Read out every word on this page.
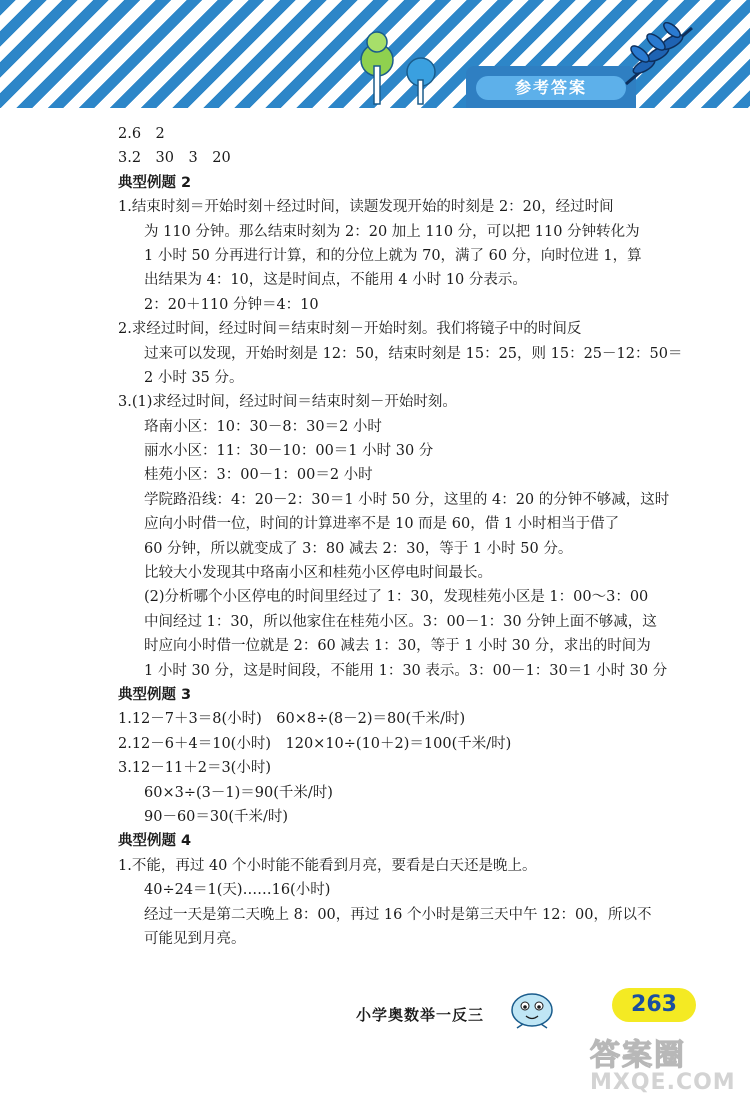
参考答案
2.6　2
3.2　30　3　20
典型例题 2
1.结束时刻＝开始时刻＋经过时间，读题发现开始的时刻是 2：20，经过时间
为 110 分钟。那么结束时刻为 2：20 加上 110 分，可以把 110 分钟转化为
1 小时 50 分再进行计算，和的分位上就为 70，满了 60 分，向时位进 1，算
出结果为 4：10，这是时间点，不能用 4 小时 10 分表示。
2：20＋110 分钟＝4：10
2.求经过时间，经过时间＝结束时刻－开始时刻。我们将镜子中的时间反
过来可以发现，开始时刻是 12：50，结束时刻是 15：25，则 15：25－12：50＝
2 小时 35 分。
3.(1)求经过时间，经过时间＝结束时刻－开始时刻。
珞南小区：10：30－8：30＝2 小时
丽水小区：11：30－10：00＝1 小时 30 分
桂苑小区：3：00－1：00＝2 小时
学院路沿线：4：20－2：30＝1 小时 50 分，这里的 4：20 的分钟不够减，这时
应向小时借一位，时间的计算进率不是 10 而是 60，借 1 小时相当于借了
60 分钟，所以就变成了 3：80 减去 2：30，等于 1 小时 50 分。
比较大小发现其中珞南小区和桂苑小区停电时间最长。
(2)分析哪个小区停电的时间里经过了 1：30，发现桂苑小区是 1：00～3：00
中间经过 1：30，所以他家住在桂苑小区。3：00－1：30 分钟上面不够减，这
时应向小时借一位就是 2：60 减去 1：30，等于 1 小时 30 分，求出的时间为
1 小时 30 分，这是时间段，不能用 1：30 表示。3：00－1：30＝1 小时 30 分
典型例题 3
1.12－7＋3＝8(小时)　60×8÷(8－2)＝80(千米/时)
2.12－6＋4＝10(小时)　120×10÷(10＋2)＝100(千米/时)
3.12－11＋2＝3(小时)
60×3÷(3－1)＝90(千米/时)
90－60＝30(千米/时)
典型例题 4
1.不能，再过 40 个小时能不能看到月亮，要看是白天还是晚上。
40÷24＝1(天)……16(小时)
经过一天是第二天晚上 8：00，再过 16 个小时是第三天中午 12：00，所以不
可能见到月亮。
小学奥数举一反三	263
答案圈
MXQE.COM
